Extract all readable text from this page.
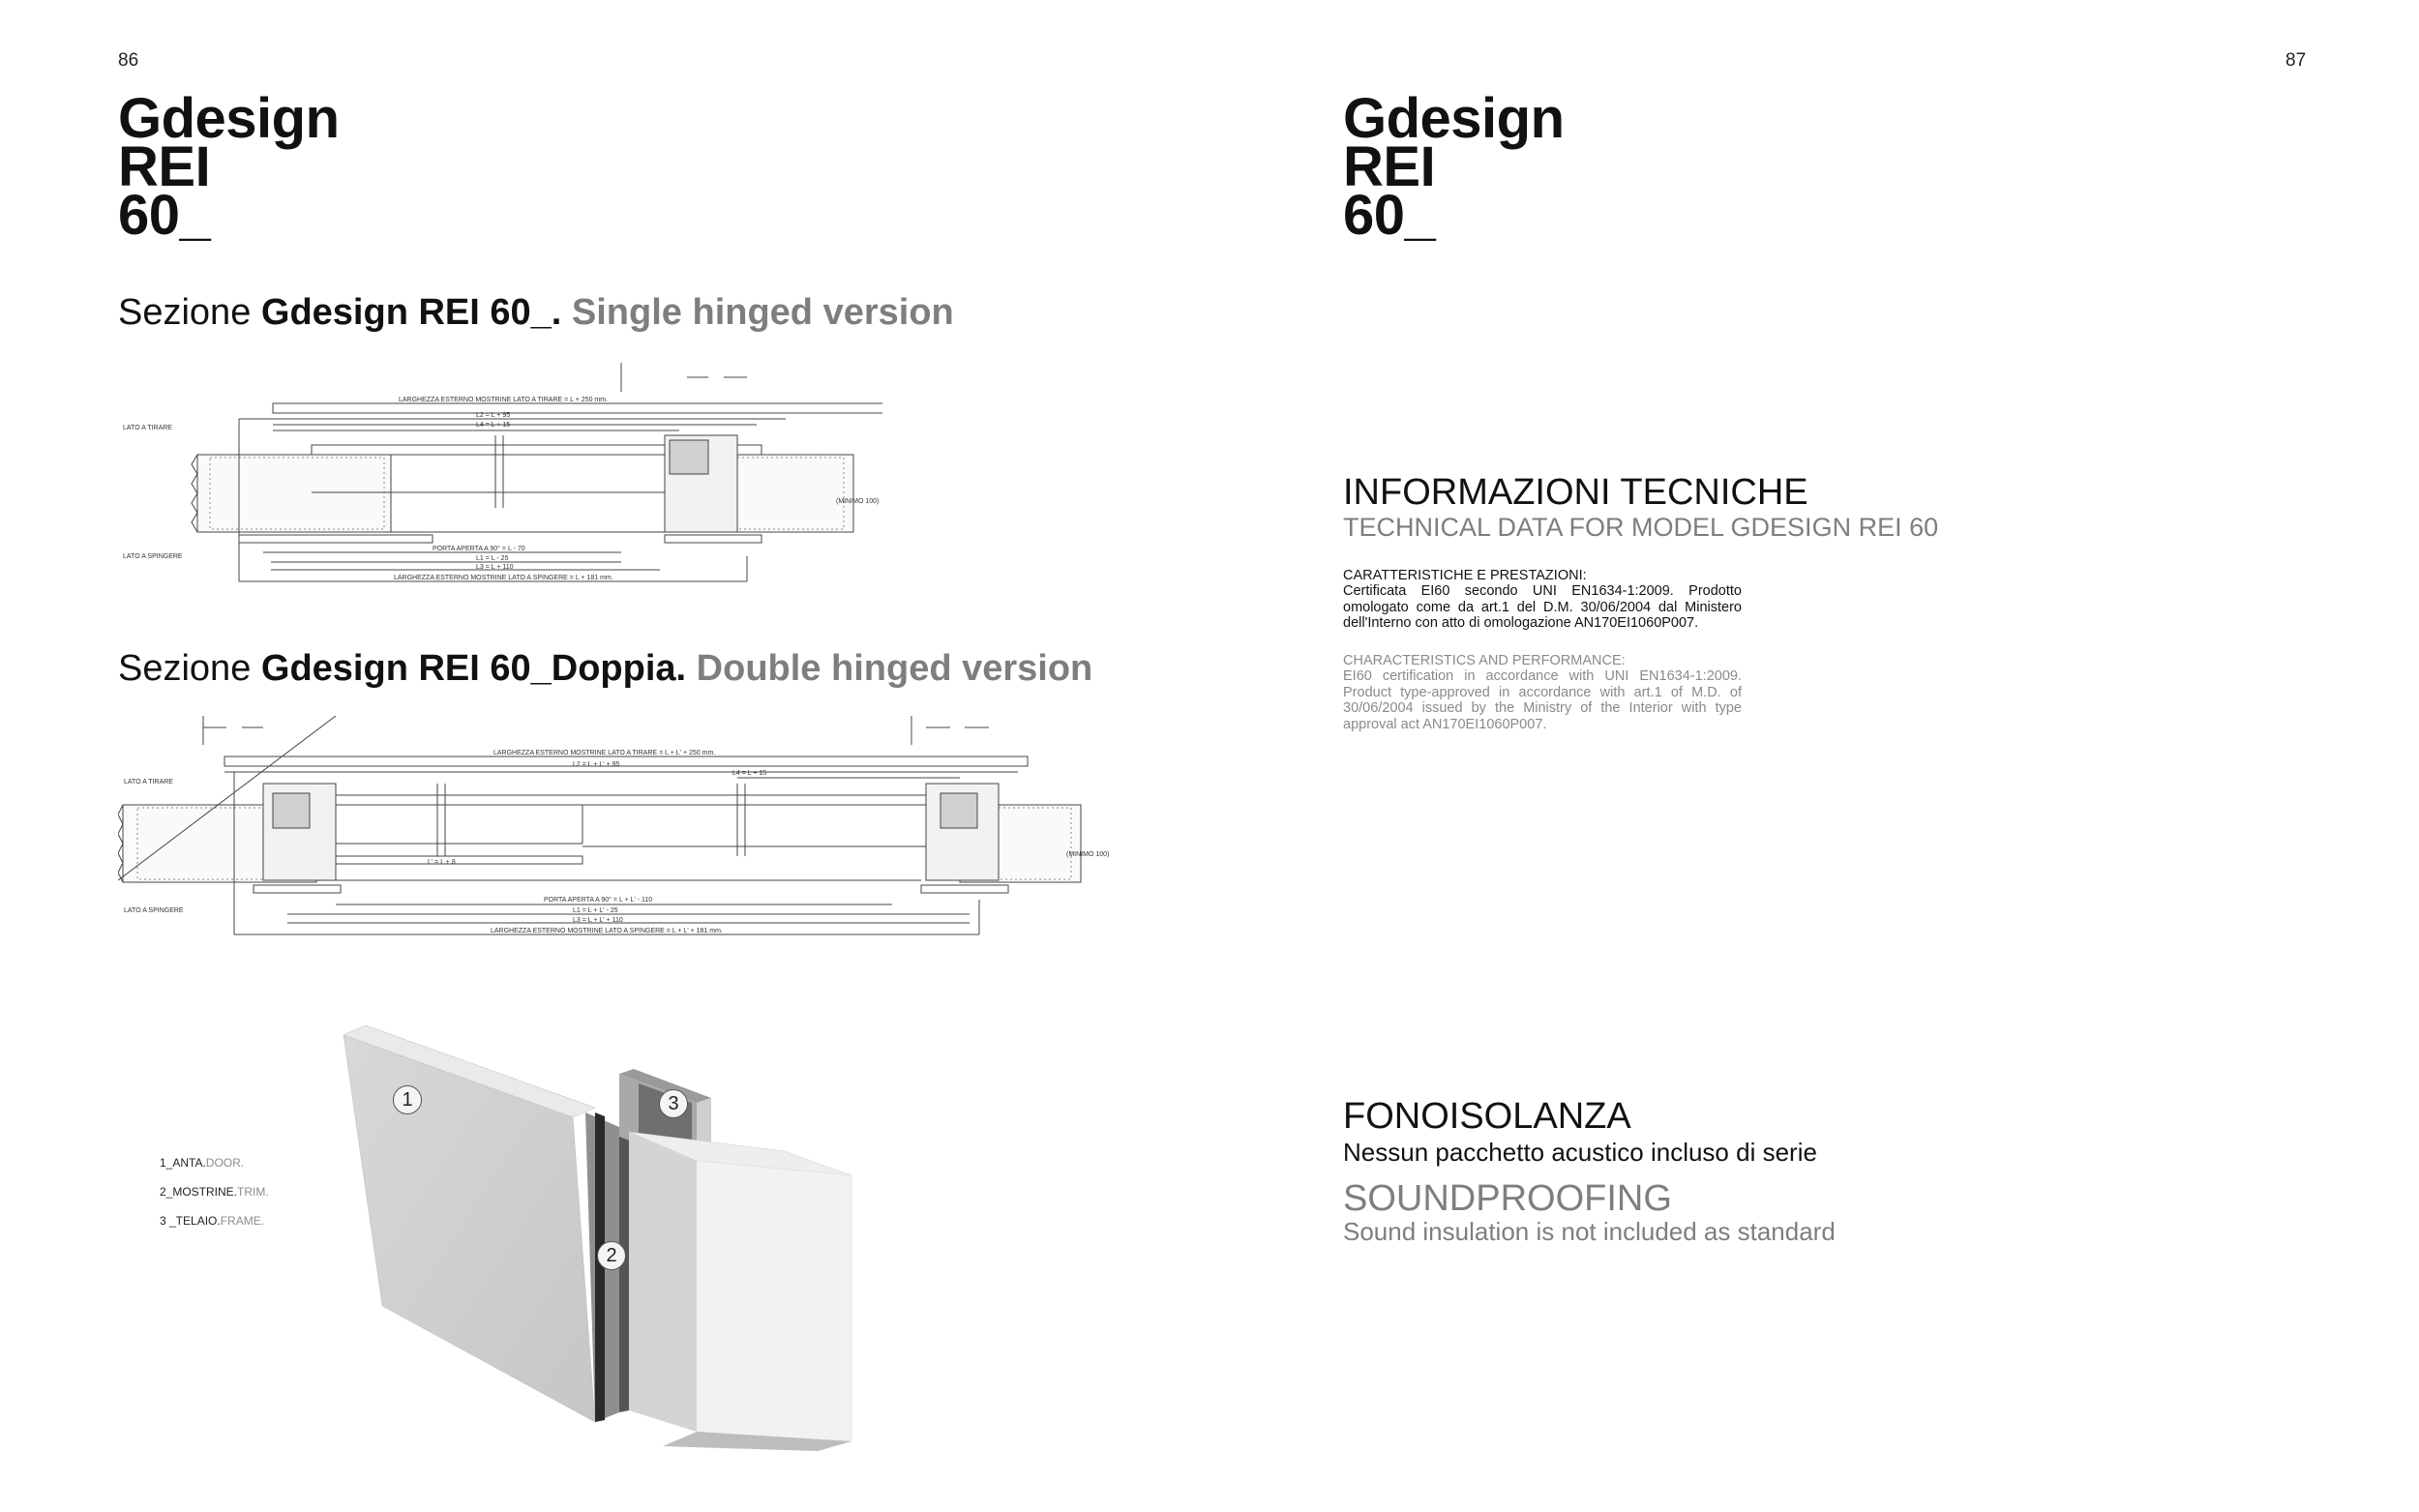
86
Gdesign
REI
60_
Sezione Gdesign REI 60_. Single hinged version
LATO A TIRARE
LATO A SPINGERE
LARGHEZZA ESTERNO MOSTRINE LATO A TIRARE = L + 250 mm.
L2 = L + 95
L4 = L + 15
PORTA APERTA A 90° = L - 70
L1 = L - 25
L3 = L + 110
LARGHEZZA ESTERNO MOSTRINE LATO A SPINGERE = L + 181 mm.
(MINIMO 100)
Sezione Gdesign REI 60_Doppia. Double hinged version
LATO A TIRARE
LATO A SPINGERE
LARGHEZZA ESTERNO MOSTRINE LATO A TIRARE = L + L' + 250 mm.
L2 = L + L' + 95
L4 = L + 15
L' = L + 8
PORTA APERTA A 90° = L + L' - 110
L1 = L + L' - 25
L3 = L + L' + 110
LARGHEZZA ESTERNO MOSTRINE LATO A SPINGERE = L + L' + 181 mm.
(MINIMO 100)
1_ANTA.DOOR.
2_MOSTRINE.TRIM.
3 _TELAIO.FRAME.
1
2
3
87
Gdesign
REI
60_
INFORMAZIONI TECNICHE
TECHNICAL DATA FOR MODEL GDESIGN REI 60
CARATTERISTICHE E PRESTAZIONI:
Certificata EI60 secondo UNI EN1634-1:2009. Prodotto omologato come da art.1 del D.M. 30/06/2004 dal Ministero dell'Interno con atto di omologazione AN170EI1060P007.
CHARACTERISTICS AND PERFORMANCE:
EI60 certification in accordance with UNI EN1634-1:2009. Product type-approved in accordance with art.1 of M.D. of 30/06/2004 issued by the Ministry of the Interior with type approval act AN170EI1060P007.
FONOISOLANZA
Nessun pacchetto acustico incluso di serie
SOUNDPROOFING
Sound insulation is not included as standard
